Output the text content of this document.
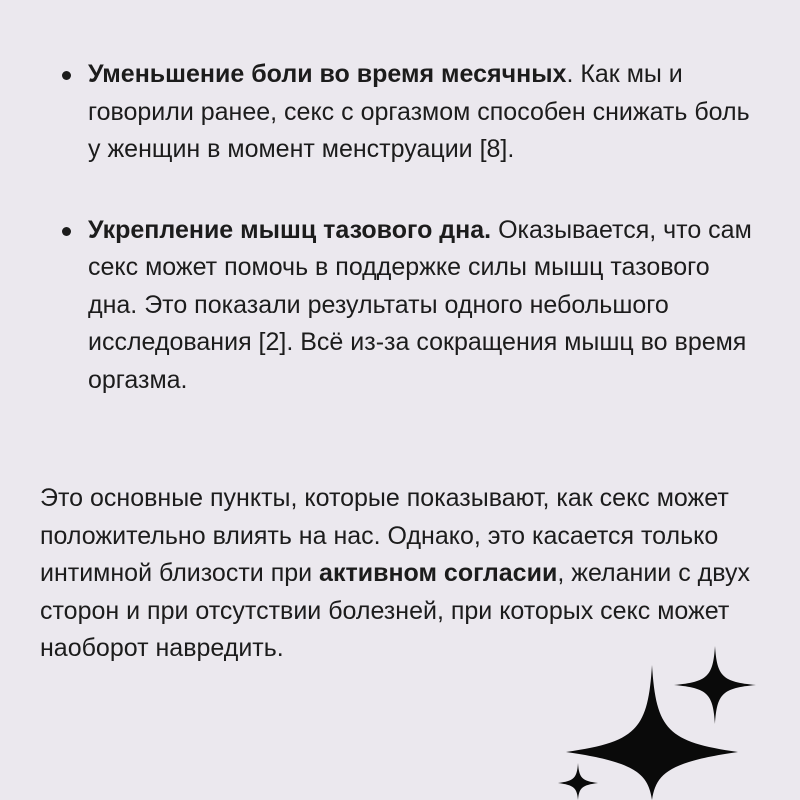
Уменьшение боли во время месячных. Как мы и говорили ранее, секс с оргазмом способен снижать боль у женщин в момент менструации [8].
Укрепление мышц тазового дна. Оказывается, что сам секс может помочь в поддержке силы мышц тазового дна. Это показали результаты одного небольшого исследования [2]. Всё из-за сокращения мышц во время оргазма.

Это основные пункты, которые показывают, как секс может положительно влиять на нас. Однако, это касается только интимной близости при активном согласии, желании с двух сторон и при отсутствии болезней, при которых секс может наоборот навредить.
